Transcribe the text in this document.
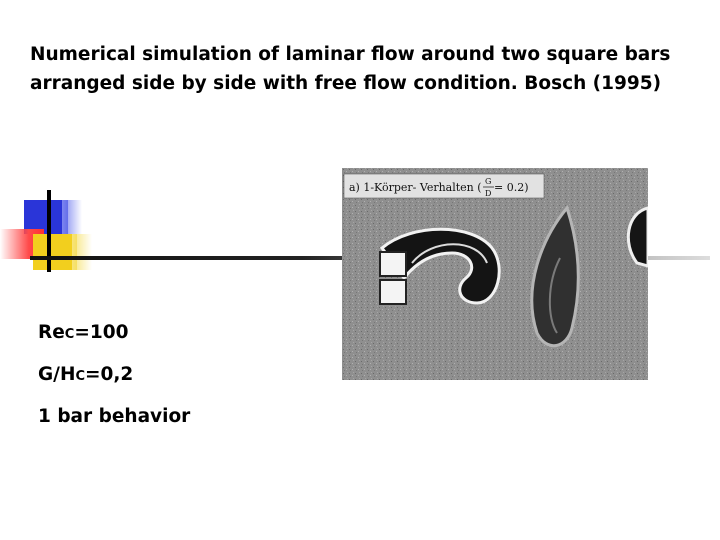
Numerical simulation of laminar flow around two square bars
arranged side by side with free flow condition. Bosch (1995)
a) 1-Körper- Verhalten ( G
D = 0.2)
ReC=100
G/HC=0,2
1 bar behavior
